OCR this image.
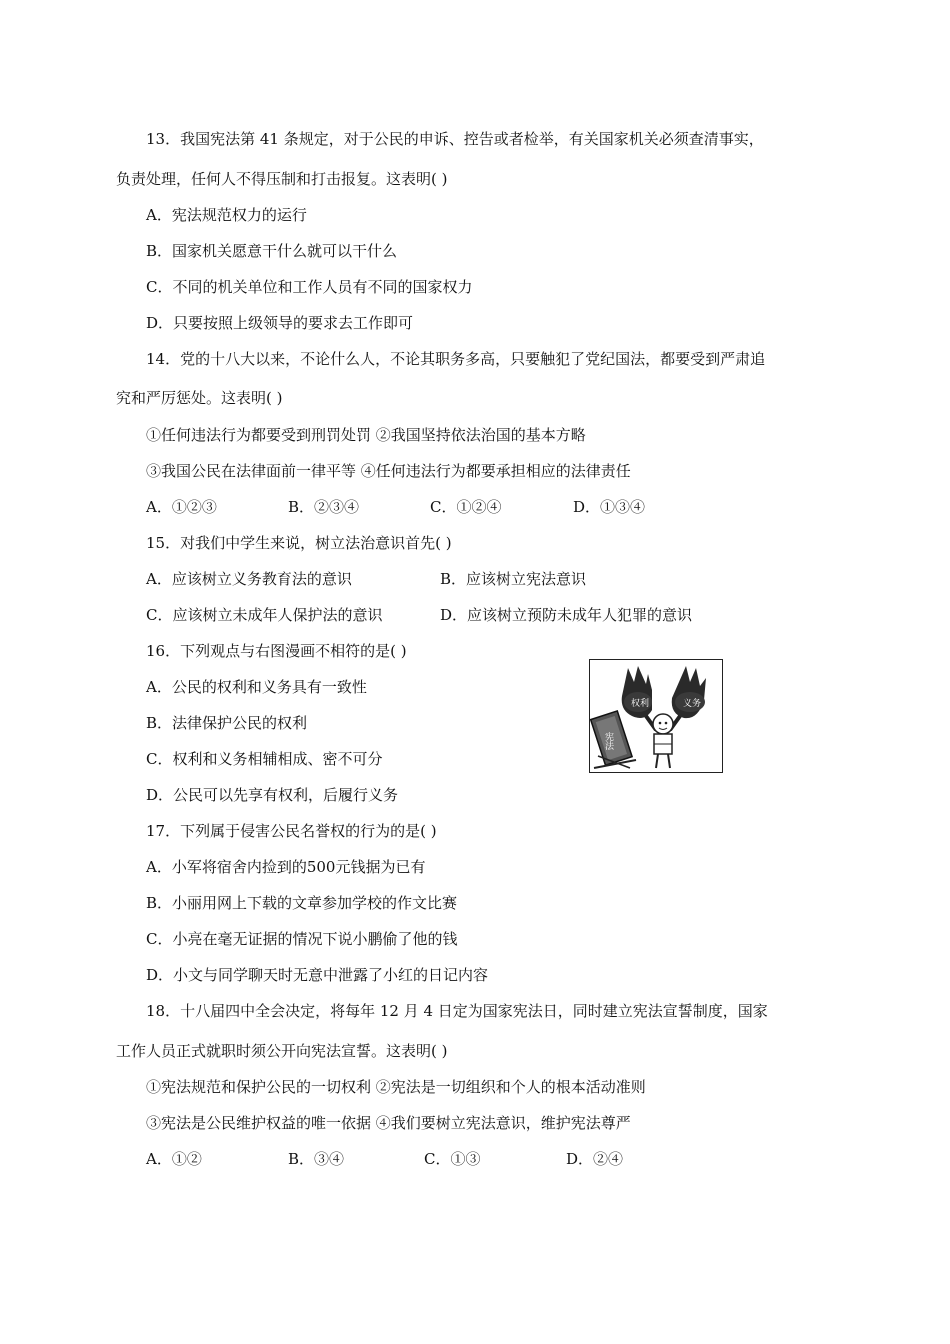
13．我国宪法第 41 条规定，对于公民的申诉、控告或者检举，有关国家机关必须查清事实，
负责处理，任何人不得压制和打击报复。这表明( )
A．宪法规范权力的运行
B．国家机关愿意干什么就可以干什么
C．不同的机关单位和工作人员有不同的国家权力
D．只要按照上级领导的要求去工作即可
14．党的十八大以来，不论什么人，不论其职务多高，只要触犯了党纪国法，都要受到严肃追
究和严厉惩处。这表明( )
①任何违法行为都要受到刑罚处罚 ②我国坚持依法治国的基本方略
③我国公民在法律面前一律平等 ④任何违法行为都要承担相应的法律责任
A．①②③	B．②③④	C．①②④	D．①③④
15．对我们中学生来说，树立法治意识首先( )
A．应该树立义务教育法的意识	B．应该树立宪法意识
C．应该树立未成年人保护法的意识	D．应该树立预防未成年人犯罪的意识
16．下列观点与右图漫画不相符的是( )
A．公民的权利和义务具有一致性
B．法律保护公民的权利
C．权利和义务相辅相成、密不可分
D．公民可以先享有权利，后履行义务
权利	义务
宪法
17．下列属于侵害公民名誉权的行为的是( )
A．小军将宿舍内捡到的500元钱据为已有
B．小丽用网上下载的文章参加学校的作文比赛
C．小亮在毫无证据的情况下说小鹏偷了他的钱
D．小文与同学聊天时无意中泄露了小红的日记内容
18．十八届四中全会决定，将每年 12 月 4 日定为国家宪法日，同时建立宪法宣誓制度，国家
工作人员正式就职时须公开向宪法宣誓。这表明( )
①宪法规范和保护公民的一切权利 ②宪法是一切组织和个人的根本活动准则
③宪法是公民维护权益的唯一依据 ④我们要树立宪法意识，维护宪法尊严
A．①②	B．③④	C．①③	D．②④
